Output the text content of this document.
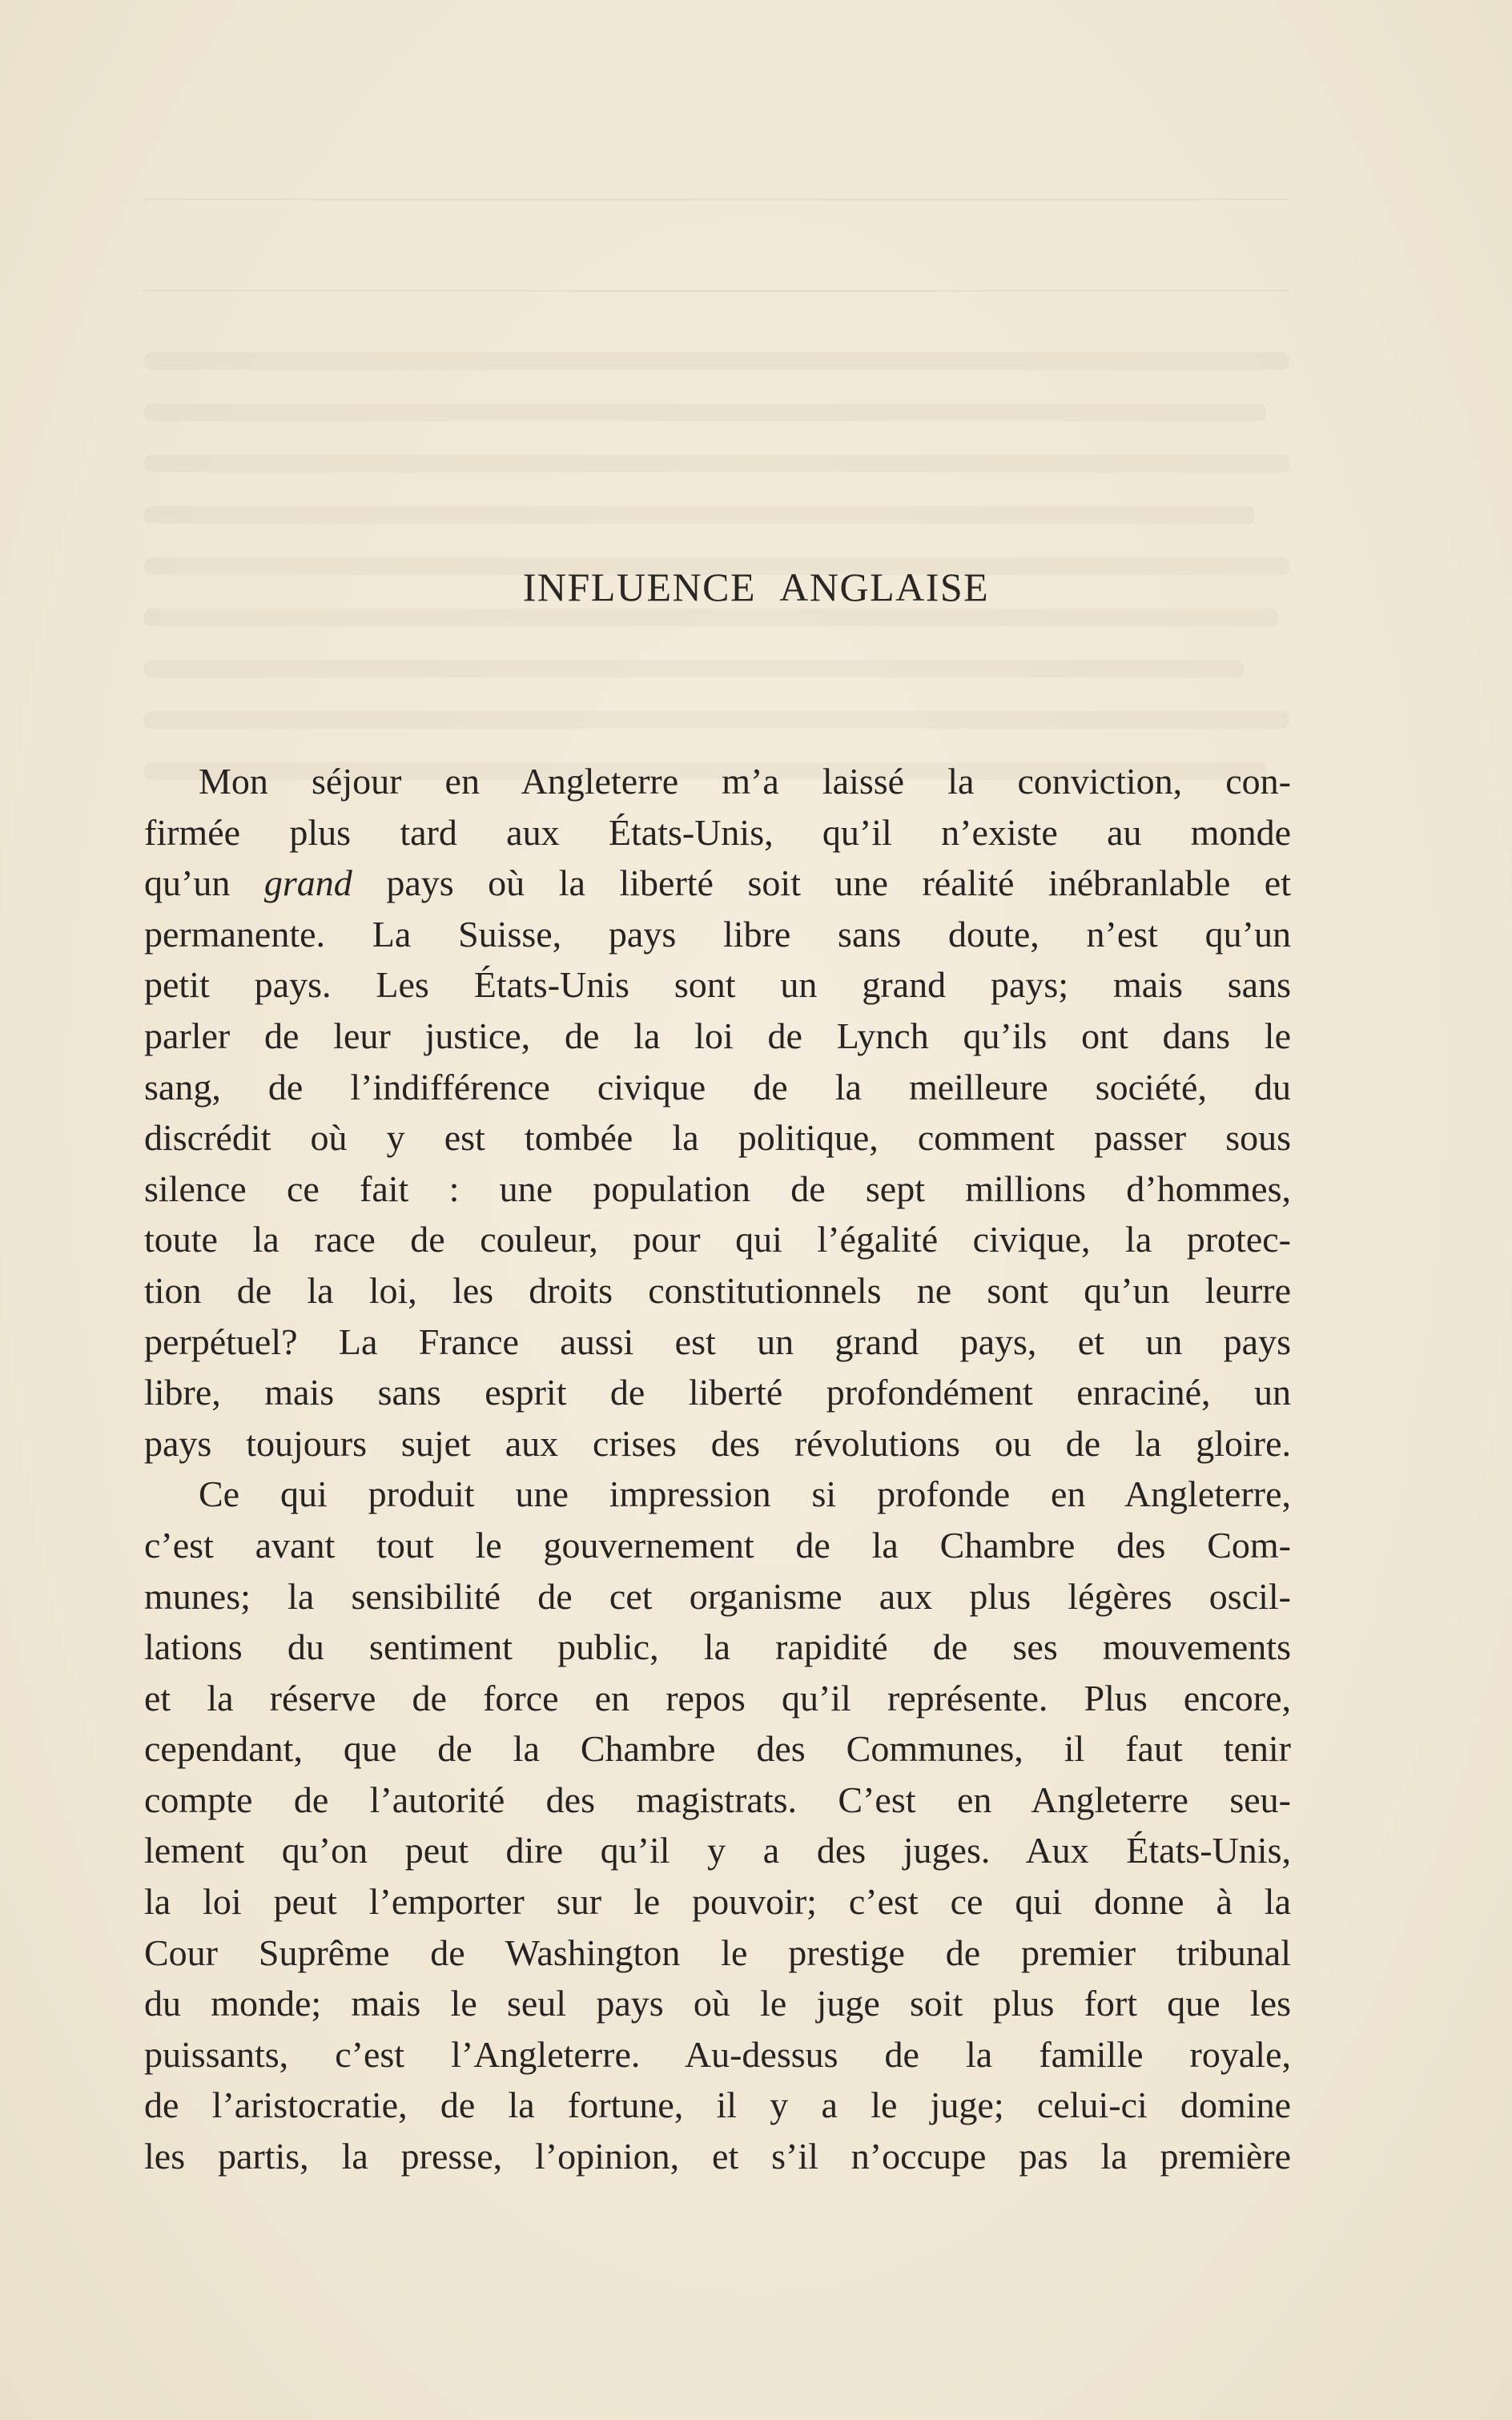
INFLUENCE ANGLAISE
Mon séjour en Angleterre m’a laissé la conviction, con-
firmée plus tard aux États-Unis, qu’il n’existe au monde
qu’un grand pays où la liberté soit une réalité inébranlable et
permanente. La Suisse, pays libre sans doute, n’est qu’un
petit pays. Les États-Unis sont un grand pays; mais sans
parler de leur justice, de la loi de Lynch qu’ils ont dans le
sang, de l’indifférence civique de la meilleure société, du
discrédit où y est tombée la politique, comment passer sous
silence ce fait : une population de sept millions d’hommes,
toute la race de couleur, pour qui l’égalité civique, la protec-
tion de la loi, les droits constitutionnels ne sont qu’un leurre
perpétuel? La France aussi est un grand pays, et un pays
libre, mais sans esprit de liberté profondément enraciné, un
pays toujours sujet aux crises des révolutions ou de la gloire.
Ce qui produit une impression si profonde en Angleterre,
c’est avant tout le gouvernement de la Chambre des Com-
munes; la sensibilité de cet organisme aux plus légères oscil-
lations du sentiment public, la rapidité de ses mouvements
et la réserve de force en repos qu’il représente. Plus encore,
cependant, que de la Chambre des Communes, il faut tenir
compte de l’autorité des magistrats. C’est en Angleterre seu-
lement qu’on peut dire qu’il y a des juges. Aux États-Unis,
la loi peut l’emporter sur le pouvoir; c’est ce qui donne à la
Cour Suprême de Washington le prestige de premier tribunal
du monde; mais le seul pays où le juge soit plus fort que les
puissants, c’est l’Angleterre. Au-dessus de la famille royale,
de l’aristocratie, de la fortune, il y a le juge; celui-ci domine
les partis, la presse, l’opinion, et s’il n’occupe pas la première
